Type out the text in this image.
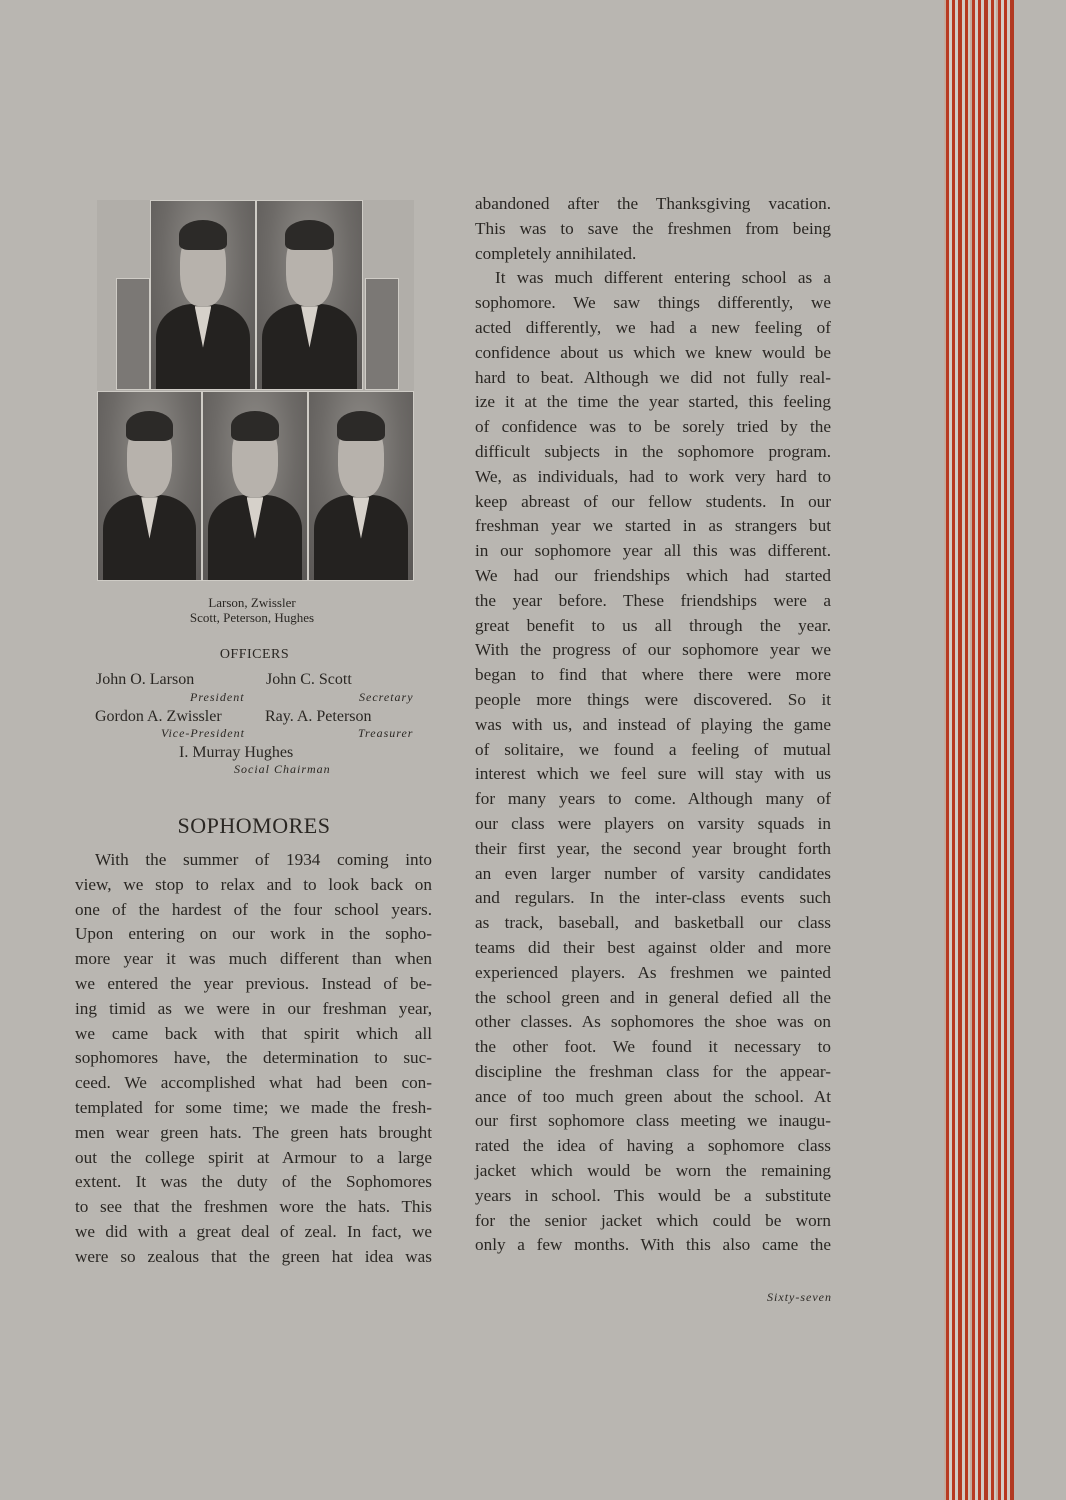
Larson, Zwissler
Scott, Peterson, Hughes
OFFICERS
John O. Larson
President
John C. Scott
Secretary
Gordon A. Zwissler
Vice-President
Ray. A. Peterson
Treasurer
I. Murray Hughes
Social Chairman
SOPHOMORES
With the summer of 1934 coming into
view, we stop to relax and to look back on
one of the hardest of the four school years.
Upon entering on our work in the sopho-
more year it was much different than when
we entered the year previous. Instead of be-
ing timid as we were in our freshman year,
we came back with that spirit which all
sophomores have, the determination to suc-
ceed. We accomplished what had been con-
templated for some time; we made the fresh-
men wear green hats. The green hats brought
out the college spirit at Armour to a large
extent. It was the duty of the Sophomores
to see that the freshmen wore the hats. This
we did with a great deal of zeal. In fact, we
were so zealous that the green hat idea was
abandoned after the Thanksgiving vacation.
This was to save the freshmen from being
completely annihilated.
It was much different entering school as a
sophomore. We saw things differently, we
acted differently, we had a new feeling of
confidence about us which we knew would be
hard to beat. Although we did not fully real-
ize it at the time the year started, this feeling
of confidence was to be sorely tried by the
difficult subjects in the sophomore program.
We, as individuals, had to work very hard to
keep abreast of our fellow students. In our
freshman year we started in as strangers but
in our sophomore year all this was different.
We had our friendships which had started
the year before. These friendships were a
great benefit to us all through the year.
With the progress of our sophomore year we
began to find that where there were more
people more things were discovered. So it
was with us, and instead of playing the game
of solitaire, we found a feeling of mutual
interest which we feel sure will stay with us
for many years to come. Although many of
our class were players on varsity squads in
their first year, the second year brought forth
an even larger number of varsity candidates
and regulars. In the inter-class events such
as track, baseball, and basketball our class
teams did their best against older and more
experienced players. As freshmen we painted
the school green and in general defied all the
other classes. As sophomores the shoe was on
the other foot. We found it necessary to
discipline the freshman class for the appear-
ance of too much green about the school. At
our first sophomore class meeting we inaugu-
rated the idea of having a sophomore class
jacket which would be worn the remaining
years in school. This would be a substitute
for the senior jacket which could be worn
only a few months. With this also came the
Sixty-seven
